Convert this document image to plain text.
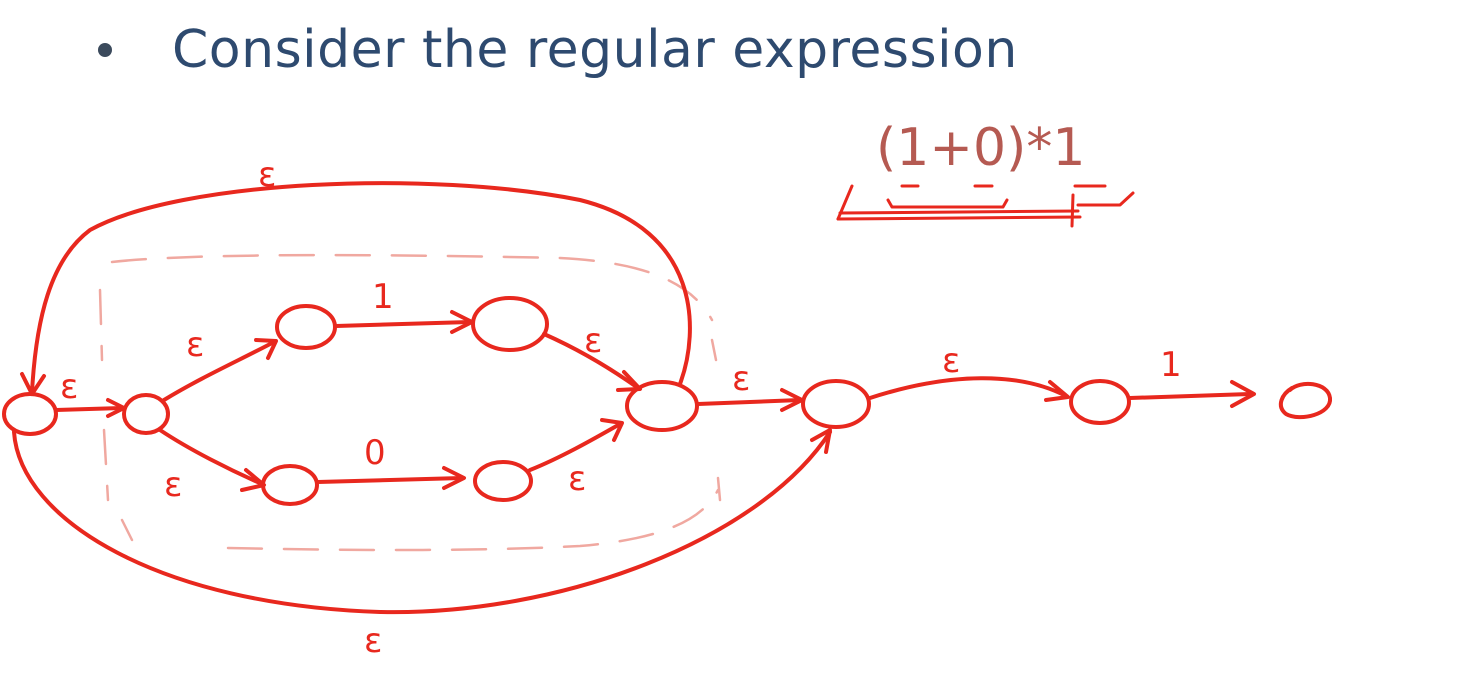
Consider the regular expression
(1+0)*1
ε
ε
ε
1
ε
ε
0
ε
ε
ε
ε	1
